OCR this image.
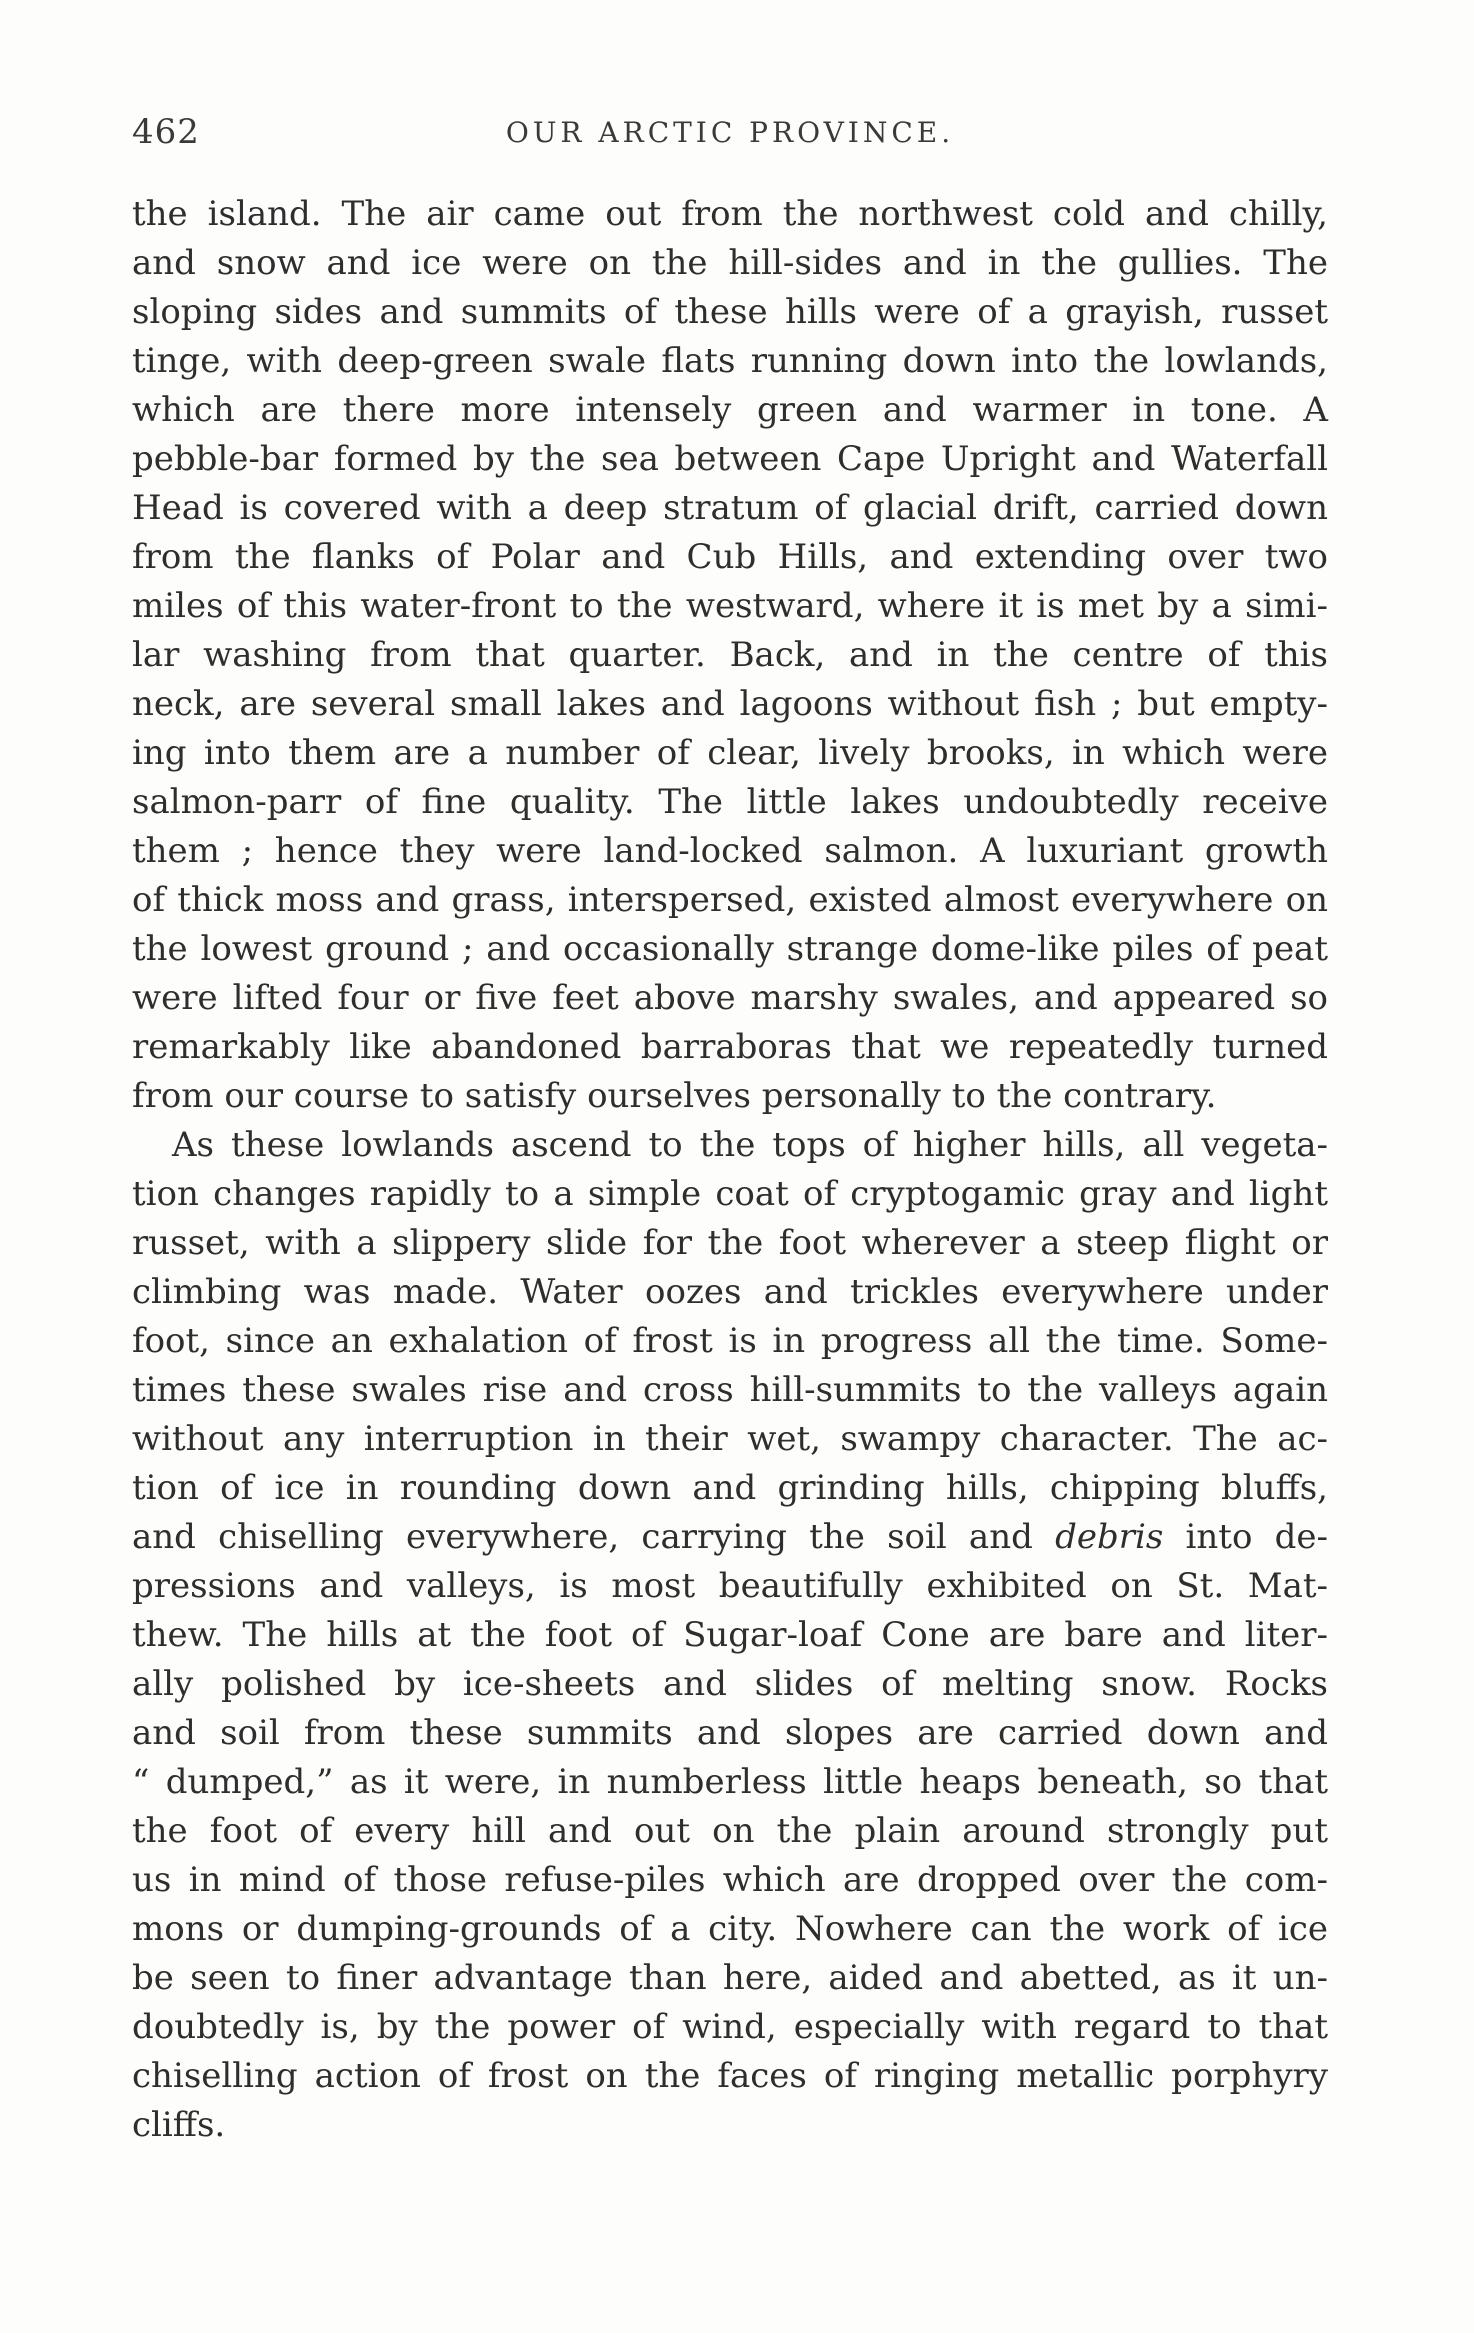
462	OUR ARCTIC PROVINCE.
the island. The air came out from the northwest cold and chilly,
and snow and ice were on the hill-sides and in the gullies. The
sloping sides and summits of these hills were of a grayish, russet
tinge, with deep-green swale flats running down into the lowlands,
which are there more intensely green and warmer in tone. A
pebble-bar formed by the sea between Cape Upright and Waterfall
Head is covered with a deep stratum of glacial drift, carried down
from the flanks of Polar and Cub Hills, and extending over two
miles of this water-front to the westward, where it is met by a simi-
lar washing from that quarter. Back, and in the centre of this
neck, are several small lakes and lagoons without fish ; but empty-
ing into them are a number of clear, lively brooks, in which were
salmon-parr of fine quality. The little lakes undoubtedly receive
them ; hence they were land-locked salmon. A luxuriant growth
of thick moss and grass, interspersed, existed almost everywhere on
the lowest ground ; and occasionally strange dome-like piles of peat
were lifted four or five feet above marshy swales, and appeared so
remarkably like abandoned barraboras that we repeatedly turned
from our course to satisfy ourselves personally to the contrary.
As these lowlands ascend to the tops of higher hills, all vegeta-
tion changes rapidly to a simple coat of cryptogamic gray and light
russet, with a slippery slide for the foot wherever a steep flight or
climbing was made. Water oozes and trickles everywhere under
foot, since an exhalation of frost is in progress all the time. Some-
times these swales rise and cross hill-summits to the valleys again
without any interruption in their wet, swampy character. The ac-
tion of ice in rounding down and grinding hills, chipping bluffs,
and chiselling everywhere, carrying the soil and debris into de-
pressions and valleys, is most beautifully exhibited on St. Mat-
thew. The hills at the foot of Sugar-loaf Cone are bare and liter-
ally polished by ice-sheets and slides of melting snow. Rocks
and soil from these summits and slopes are carried down and
“ dumped,” as it were, in numberless little heaps beneath, so that
the foot of every hill and out on the plain around strongly put
us in mind of those refuse-piles which are dropped over the com-
mons or dumping-grounds of a city. Nowhere can the work of ice
be seen to finer advantage than here, aided and abetted, as it un-
doubtedly is, by the power of wind, especially with regard to that
chiselling action of frost on the faces of ringing metallic porphyry
cliffs.
